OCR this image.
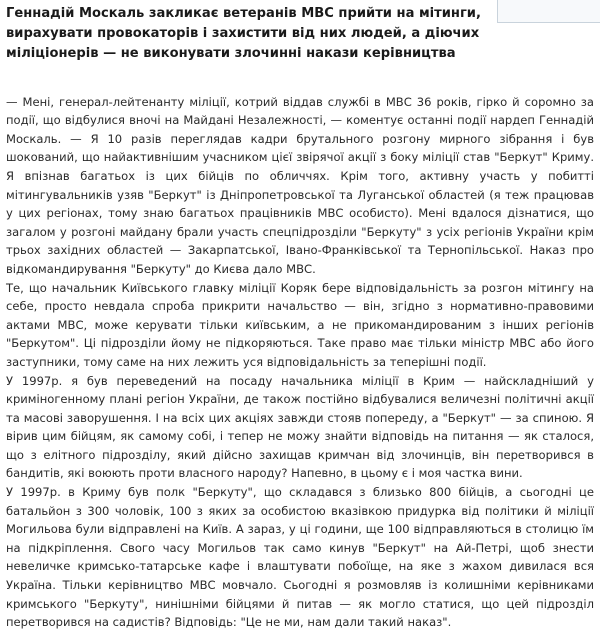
Геннадій Москаль закликає ветеранів МВС прийти на мітинги, вирахувати провокаторів і захистити від них людей, а діючих міліціонерів — не виконувати злочинні накази керівництва

— Мені, генерал-лейтенанту міліції, котрий віддав службі в МВС 36 років, гірко й соромно за події, що відбулися вночі на Майдані Незалежності, — коментує останні події нардеп Геннадій Москаль. — Я 10 разів переглядав кадри брутального розгону мирного зібрання і був шокований, що найактивнішим учасником цієї звірячої акції з боку міліції став "Беркут" Криму. Я впізнав багатьох із цих бійців по обличчях. Крім того, активну участь у побитті мітингувальників узяв "Беркут" із Дніпропетровської та Луганської областей (я теж працював у цих регіонах, тому знаю багатьох працівників МВС особисто). Мені вдалося дізнатися, що загалом у розгоні майдану брали участь спецпідрозділи "Беркуту" з усіх регіонів України крім трьох західних областей — Закарпатської, Івано-Франківської та Тернопільської. Наказ про відкомандирування "Беркуту" до Києва дало МВС.

Те, що начальник Київського главку міліції Коряк бере відповідальність за розгон мітингу на себе, просто невдала спроба прикрити начальство — він, згідно з нормативно-правовими актами МВС, може керувати тільки київським, а не прикомандированим з інших регіонів "Беркутом". Ці підрозділи йому не підкоряються. Таке право має тільки міністр МВС або його заступники, тому саме на них лежить уся відповідальність за теперішні події.

У 1997р. я був переведений на посаду начальника міліції в Крим — найскладніший у криміногенному плані регіон України, де також постійно відбувалися величезні політичні акції та масові заворушення. І на всіх цих акціях завжди стояв попереду, а "Беркут" — за спиною. Я вірив цим бійцям, як самому собі, і тепер не можу знайти відповідь на питання — як сталося, що з елітного підрозділу, який дійсно захищав кримчан від злочинців, він перетворився в бандитів, які воюють проти власного народу? Напевно, в цьому є і моя частка вини.

У 1997р. в Криму був полк "Беркуту", що складався з близько 800 бійців, а сьогодні це батальйон з 300 чоловік, 100 з яких за особистою вказівкою придурка від політики й міліції Могильова були відправлені на Київ. А зараз, у ці години, ще 100 відправляються в столицю їм на підкріплення. Свого часу Могильов так само кинув "Беркут" на Ай-Петрі, щоб знести невеличке кримсько-татарське кафе і влаштувати побоїще, на яке з жахом дивилася вся Україна. Тільки керівництво МВС мовчало. Сьогодні я розмовляв із колишніми керівниками кримського "Беркуту", нинішніми бійцями й питав — як могло статися, що цей підрозділ перетворився на садистів? Відповідь: "Це не ми, нам дали такий наказ".
